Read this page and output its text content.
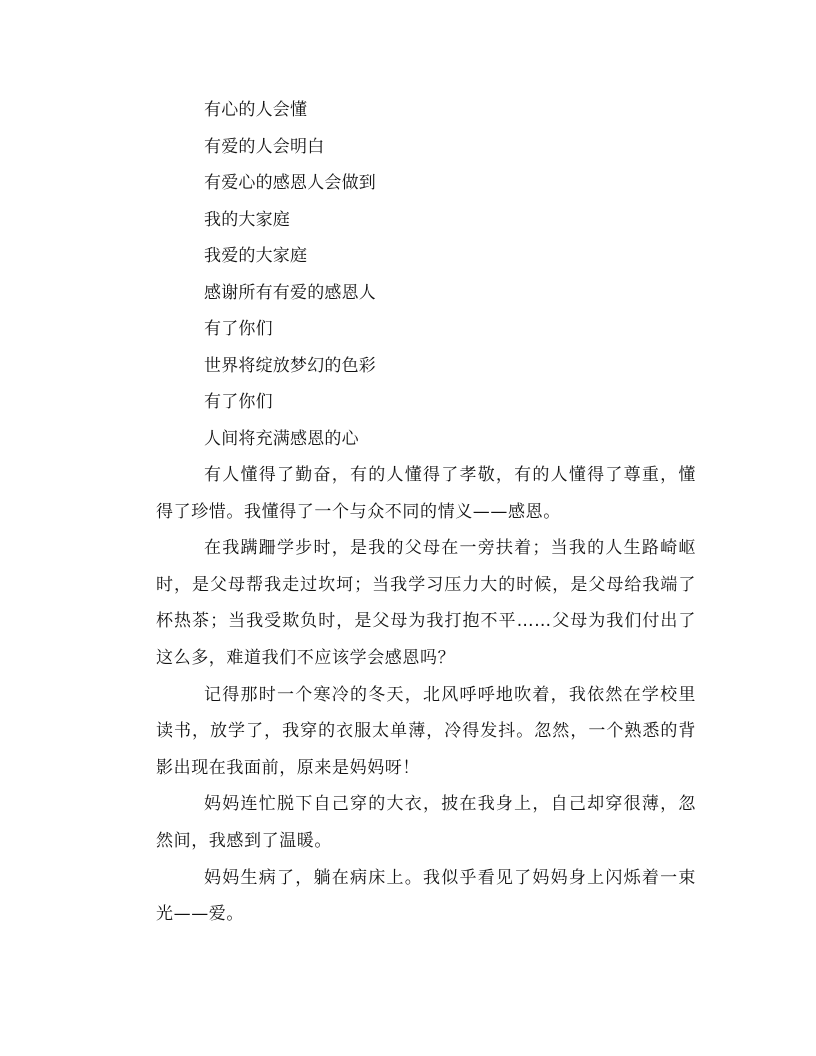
有心的人会懂
有爱的人会明白
有爱心的感恩人会做到
我的大家庭
我爱的大家庭
感谢所有有爱的感恩人
有了你们
世界将绽放梦幻的色彩
有了你们
人间将充满感恩的心

有人懂得了勤奋，有的人懂得了孝敬，有的人懂得了尊重，懂得了珍惜。我懂得了一个与众不同的情义——感恩。

在我蹒跚学步时，是我的父母在一旁扶着；当我的人生路崎岖时，是父母帮我走过坎坷；当我学习压力大的时候，是父母给我端了杯热茶；当我受欺负时，是父母为我打抱不平……父母为我们付出了这么多，难道我们不应该学会感恩吗？

记得那时一个寒冷的冬天，北风呼呼地吹着，我依然在学校里读书，放学了，我穿的衣服太单薄，冷得发抖。忽然，一个熟悉的背影出现在我面前，原来是妈妈呀！

妈妈连忙脱下自己穿的大衣，披在我身上，自己却穿很薄，忽然间，我感到了温暖。

妈妈生病了，躺在病床上。我似乎看见了妈妈身上闪烁着一束光——爱。
